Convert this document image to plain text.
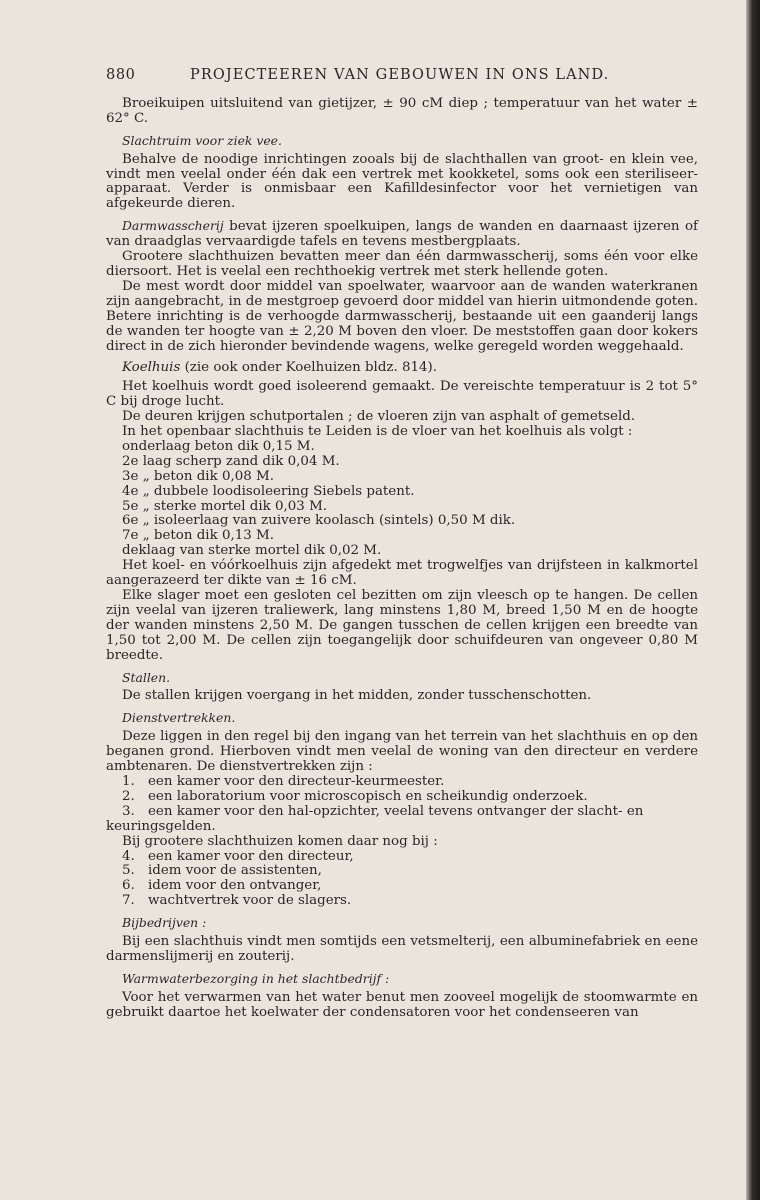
880	PROJECTEEREN VAN GEBOUWEN IN ONS LAND.

Broeikuipen uitsluitend van gietijzer, ± 90 cM diep ; temperatuur van het water ± 62° C.

Slachtruim voor ziek vee.

Behalve de noodige inrichtingen zooals bij de slachthallen van groot- en klein vee, vindt men veelal onder één dak een vertrek met kookketel, soms ook een steriliseer-apparaat. Verder is onmisbaar een Kafilldesinfector voor het vernietigen van afgekeurde dieren.

Darmwasscherij bevat ijzeren spoelkuipen, langs de wanden en daarnaast ijzeren of van draadglas vervaardigde tafels en tevens mestbergplaats.

Grootere slachthuizen bevatten meer dan één darmwasscherij, soms één voor elke diersoort. Het is veelal een rechthoekig vertrek met sterk hellende goten.

De mest wordt door middel van spoelwater, waarvoor aan de wanden waterkranen zijn aangebracht, in de mestgroep gevoerd door middel van hierin uitmondende goten. Betere inrichting is de verhoogde darmwasscherij, bestaande uit een gaanderij langs de wanden ter hoogte van ± 2,20 M boven den vloer. De meststoffen gaan door kokers direct in de zich hieronder bevindende wagens, welke geregeld worden weggehaald.

Koelhuis (zie ook onder Koelhuizen bldz. 814).

Het koelhuis wordt goed isoleerend gemaakt. De vereischte temperatuur is 2 tot 5° C bij droge lucht.

De deuren krijgen schutportalen ; de vloeren zijn van asphalt of gemetseld.

In het openbaar slachthuis te Leiden is de vloer van het koelhuis als volgt :

onderlaag beton dik 0,15 M.

2e laag scherp zand dik 0,04 M.

3e „ beton dik 0,08 M.

4e „ dubbele loodisoleering Siebels patent.

5e „ sterke mortel dik 0,03 M.

6e „ isoleerlaag van zuivere koolasch (sintels) 0,50 M dik.

7e „ beton dik 0,13 M.

deklaag van sterke mortel dik 0,02 M.

Het koel- en vóórkoelhuis zijn afgedekt met trogwelfjes van drijfsteen in kalkmortel aangerazeerd ter dikte van ± 16 cM.

Elke slager moet een gesloten cel bezitten om zijn vleesch op te hangen. De cellen zijn veelal van ijzeren traliewerk, lang minstens 1,80 M, breed 1,50 M en de hoogte der wanden minstens 2,50 M. De gangen tusschen de cellen krijgen een breedte van 1,50 tot 2,00 M. De cellen zijn toegangelijk door schuifdeuren van ongeveer 0,80 M breedte.

Stallen.

De stallen krijgen voergang in het midden, zonder tusschenschotten.

Dienstvertrekken.

Deze liggen in den regel bij den ingang van het terrein van het slachthuis en op den beganen grond. Hierboven vindt men veelal de woning van den directeur en verdere ambtenaren. De dienstvertrekken zijn :

1. een kamer voor den directeur-keurmeester.

2. een laboratorium voor microscopisch en scheikundig onderzoek.

3. een kamer voor den hal-opzichter, veelal tevens ontvanger der slacht- en

keuringsgelden.

Bij grootere slachthuizen komen daar nog bij :

4. een kamer voor den directeur,

5. idem voor de assistenten,

6. idem voor den ontvanger,

7. wachtvertrek voor de slagers.

Bijbedrijven :

Bij een slachthuis vindt men somtijds een vetsmelterij, een albuminefabriek en eene darmenslijmerij en zouterij.

Warmwaterbezorging in het slachtbedrijf :

Voor het verwarmen van het water benut men zooveel mogelijk de stoomwarmte en gebruikt daartoe het koelwater der condensatoren voor het condenseeren van
